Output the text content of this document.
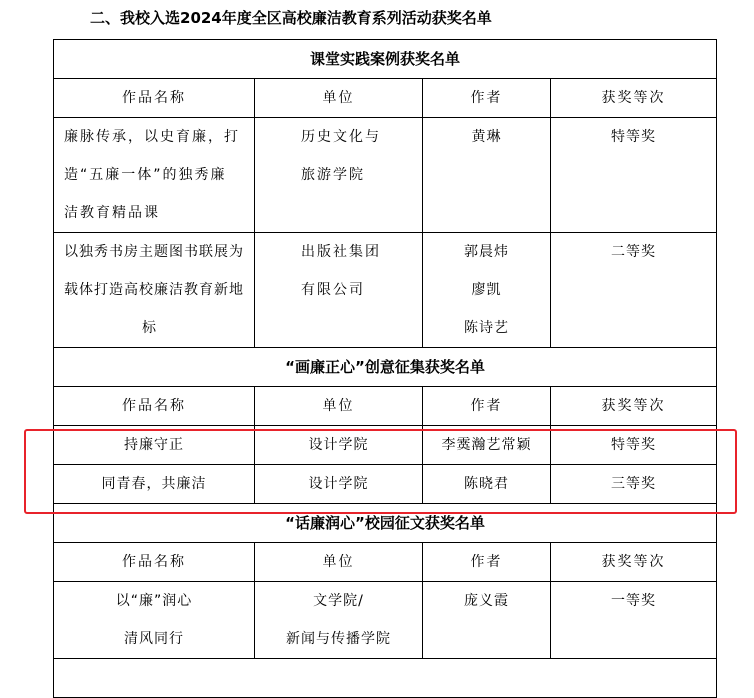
二、我校入选2024年度全区高校廉洁教育系列活动获奖名单
课堂实践案例获奖名单			
作品名称	单位	作者	获奖等次

廉脉传承，以史育廉，打
造“五廉一体”的独秀廉
洁教育精品课	历史文化与
旅游学院	黄琳	特等奖

以独秀书房主题图书联展为
载体打造高校廉洁教育新地
标	出版社集团
有限公司	郭晨炜
廖凯
陈诗艺	二等奖

“画廉正心”创意征集获奖名单			
作品名称	单位	作者	获奖等次

持廉守正	设计学院	李霙瀚艺常颖	特等奖

同青春，共廉洁	设计学院	陈晓君	三等奖

“话廉润心”校园征文获奖名单			
作品名称	单位	作者	获奖等次

以“廉”润心
清风同行	文学院/
新闻与传播学院	庞义霞	一等奖
